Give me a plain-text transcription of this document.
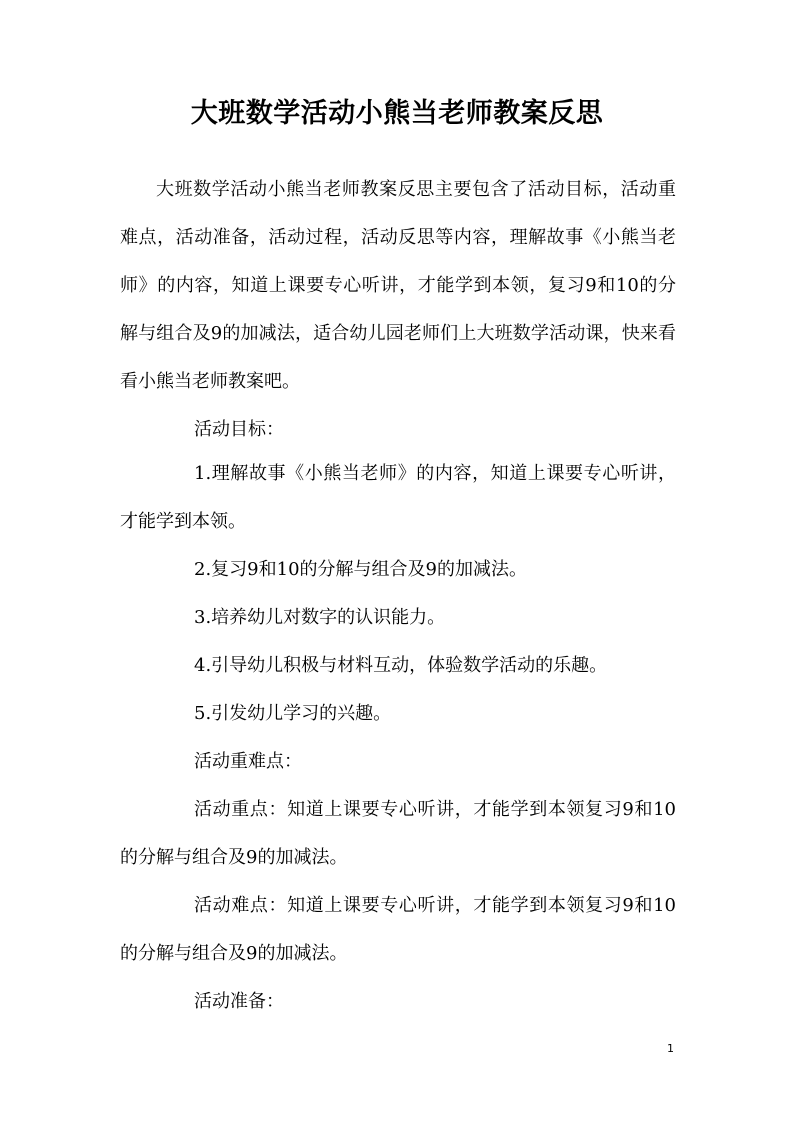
大班数学活动小熊当老师教案反思

大班数学活动小熊当老师教案反思主要包含了活动目标，活动重难点，活动准备，活动过程，活动反思等内容，理解故事《小熊当老师》的内容，知道上课要专心听讲，才能学到本领，复习9和10的分解与组合及9的加减法，适合幼儿园老师们上大班数学活动课，快来看看小熊当老师教案吧。

活动目标：

1.理解故事《小熊当老师》的内容，知道上课要专心听讲，才能学到本领。

2.复习9和10的分解与组合及9的加减法。

3.培养幼儿对数字的认识能力。

4.引导幼儿积极与材料互动，体验数学活动的乐趣。

5.引发幼儿学习的兴趣。

活动重难点：

活动重点：知道上课要专心听讲，才能学到本领复习9和10的分解与组合及9的加减法。

活动难点：知道上课要专心听讲，才能学到本领复习9和10的分解与组合及9的加减法。

活动准备：

1
